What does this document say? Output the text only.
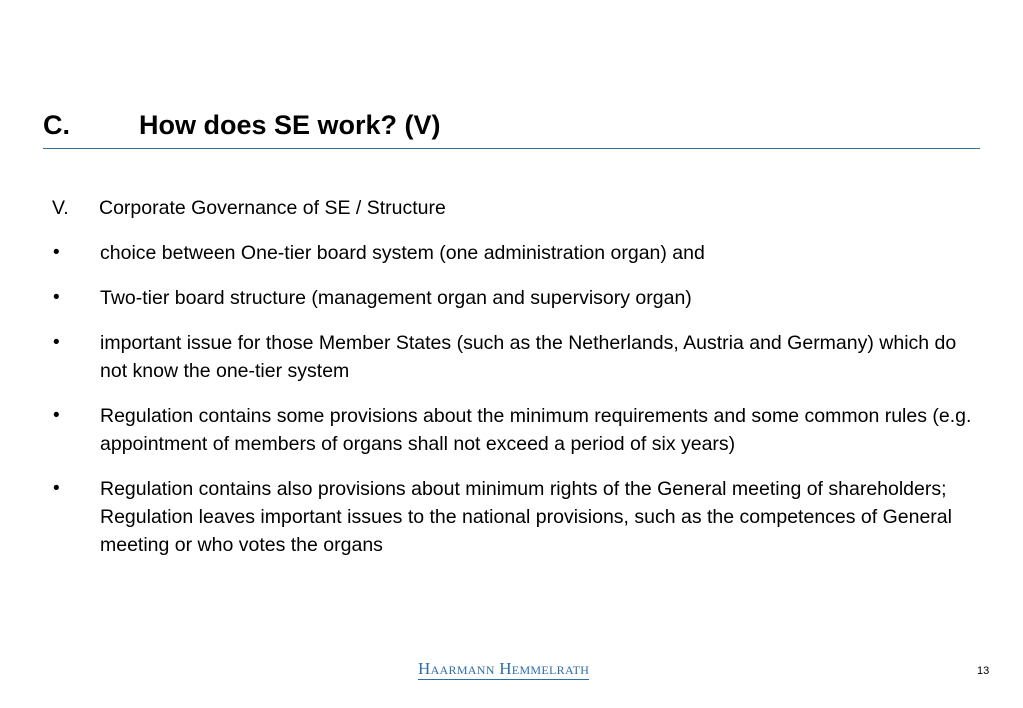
C.	How does SE work? (V)
V.	Corporate Governance of SE / Structure
•	choice between One-tier board system (one administration organ) and
•	Two-tier board structure (management organ and supervisory organ)
•	important issue for those Member States (such as the Netherlands, Austria and Germany) which do not know the one-tier system
•	Regulation contains some provisions about the minimum requirements and some common rules (e.g. appointment of members of organs shall not exceed a period of six years)
•	Regulation contains also provisions about minimum rights of the General meeting of shareholders; Regulation leaves important issues to the national provisions, such as the competences of General meeting or who votes the organs
Haarmann Hemmelrath	13
